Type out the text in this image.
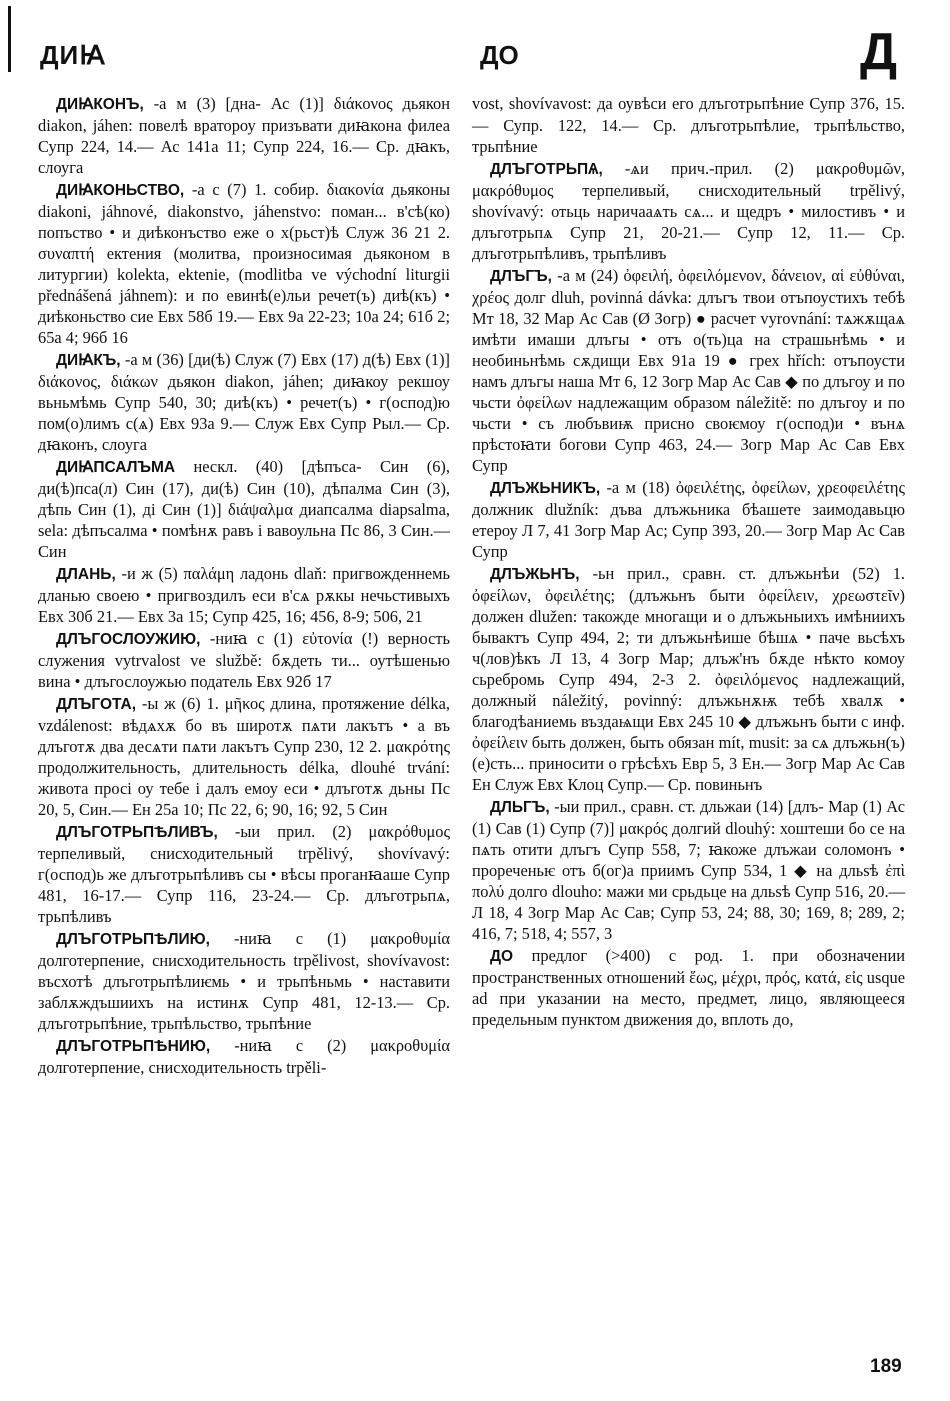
ДИꙖ	ДО	Д

ДИꙖКОНЪ, -а м (3) [дна- Ас (1)] διάκονος дьякон diakon, jáhen: повелѣ вратороу призъвати диꙗкона филеа Супр 224, 14.— Ас 141а 11; Супр 224, 16.— Ср. дꙗкъ, слоуга

ДИꙖКОНЬСТВО, -а с (7) 1. собир. διακονία дьяконы diakoni, jáhnové, diakonstvo, jáhenstvo: поман... в'сѣ(ко) попъство • и диѣконъство еже о х(рьст)ѣ Служ 36 21 2. συναπτή ектения (молитва, произносимая дьяконом в литургии) kolekta, ektenie, (modlitba ve východní liturgii přednášená jáhnem): и по евинѣ(е)льи речет(ъ) диѣ(къ) • диѣконьство сие Евх 58б 19.— Евх 9а 22-23; 10а 24; 61б 2; 65а 4; 96б 16

ДИꙖКЪ, -а м (36) [ди(ѣ) Служ (7) Евх (17) д(ѣ) Евх (1)] διάκονος, διάκων дьякон diakon, jáhen; диꙗкоу рекшоу вьньмѣмь Супр 540, 30; диѣ(къ) • речет(ъ) • г(оспод)ю пом(о)лимъ с(ѧ) Евх 93а 9.— Служ Евх Супр Рыл.— Ср. дꙗконъ, слоуга

ДИꙖПСАЛЪМА нескл. (40) [дѣпъса- Син (6), ди(ѣ)пса(л) Син (17), ди(ѣ) Син (10), дѣпалма Син (3), дѣпь Син (1), ді Син (1)] διάψαλμα диапсалма diapsalma, sela: дѣпъсалма • помѣнѫ равъ і вавоульна Пс 86, 3 Син.— Син

ДЛАНЬ, -и ж (5) παλάμη ладонь dlaň: пригвожденнемь дланью своею • пригвоздилъ еси в'сѧ рѫкы нечьстивыхъ Евх 30б 21.— Евх 3а 15; Супр 425, 16; 456, 8-9; 506, 21

ДЛЪГОСЛОУЖИЮ, -ниꙗ с (1) εὐτονία (!) верность служения vytrvalost ve službě: бѫдеть ти... оутѣшенью вина • длъгослоужью податель Евх 92б 17

ДЛЪГОТА, -ы ж (6) 1. μῆκος длина, протяжение délka, vzdálenost: вѣдѧхѫ бо въ широтѫ пѧти лакътъ • а въ длъготѫ два десѧти пѧти лакътъ Супр 230, 12 2. μακρότης продолжительность, длительность délka, dlouhé trvání: живота просі оу тебе і далъ емоу еси • длъготѫ дьны Пс 20, 5, Син.— Ен 25а 10; Пс 22, 6; 90, 16; 92, 5 Син

ДЛЪГОТРЬПѢЛИВЪ, -ыи прил. (2) μακρόθυμος терпеливый, снисходительный trpělivý, shovívavý: г(оспод)ь же длъготрьпѣливъ сы • вѣсы проганꙗаше Супр 481, 16-17.— Супр 116, 23-24.— Ср. длъготрьпѧ, трьпѣливъ

ДЛЪГОТРЬПѢЛИЮ, -ниꙗ с (1) μακροθυμία долготерпение, снисходительность trpělivost, shovívavost: въсхотѣ длъготрьпѣлиѥмь • и трьпѣньмь • наставити заблѫждъшиихъ на истинѫ Супр 481, 12-13.— Ср. длъготрьпѣние, трьпѣльство, трьпѣние

ДЛЪГОТРЬПѢНИЮ, -ниꙗ с (2) μακροθυμία долготерпение, снисходительность trpěli-

vost, shovívavost: да оувѣси его длъготрьпѣние Супр 376, 15.— Супр. 122, 14.— Ср. длъготрьпѣлие, трьпѣльство, трьпѣние

ДЛЪГОТРЬПѦ, -ѧи прич.-прил. (2) μακροθυμῶν, μακρόθυμος терпеливый, снисходительный trpělivý, shovívavý: отьць наричааѧть сѧ... и щедръ • милостивъ • и длъготрьпѧ Супр 21, 20-21.— Супр 12, 11.— Ср. длъготрьпѣливъ, трьпѣливъ

ДЛЪГЪ, -а м (24) ὀφειλή, ὀφειλόμενον, δάνειον, αἱ εὐθύναι, χρέος долг dluh, povinná dávka: длъгъ твои отъпоустихъ тебѣ Мт 18, 32 Мар Ас Сав (Ø Зогр) ● расчет vyrovnání: тѧжѫщаѧ имѣти имаши длъгы • отъ о(ть)ца на страшьнѣмь • и необиньнѣмь сѫдищи Евх 91а 19 ● грех hřích: отъпоусти намъ длъгы наша Мт 6, 12 Зогр Мар Ас Сав ◆ по длъгоу и по чьсти ὀφείλων надлежащим образом náležitě: по длъгоу и по чьсти • съ любъвиѭ присно своѥмоу г(оспод)и • вънѧ прѣстоꙗти богови Супр 463, 24.— Зогр Мар Ас Сав Евх Супр

ДЛЪЖЬНИКЪ, -а м (18) ὀφειλέτης, ὀφείλων, χρεοφειλέτης должник dlužník: дъва длъжьника бѣашете заимодавьцю етероу Л 7, 41 Зогр Мар Ас; Супр 393, 20.— Зогр Мар Ас Сав Супр

ДЛЪЖЬНЪ, -ьн прил., сравн. ст. длъжьнѣи (52) 1. ὀφείλων, ὀφειλέτης; (длъжьнъ быти ὀφείλειν, χρεωστεῖν) должен dlužen: такожде многащи и о длъжьныихъ имѣниихъ бывактъ Супр 494, 2; ти длъжьнѣише бѣшѧ • паче вьсѣхъ ч(лов)ѣкъ Л 13, 4 Зогр Мар; длъж'нъ бѫде нѣкто комоу сьребромь Супр 494, 2-3 2. ὀφειλόμενος надлежащий, должный náležitý, povinný: длъжьнѫѭ тебѣ хвалѫ • благодѣаниемь въздаѩщи Евх 245 10 ◆ длъжьнъ быти с инф. ὀφείλειν быть должен, быть обязан mít, musit: за сѧ длъжьн(ъ) (е)сть... приносити о грѣсѣхъ Евр 5, 3 Ен.— Зогр Мар Ас Сав Ен Служ Евх Клоц Супр.— Ср. повиньнъ

ДЛЬГЪ, -ыи прил., сравн. ст. дльжаи (14) [длъ- Мар (1) Ас (1) Сав (1) Супр (7)] μακρός долгий dlouhý: хоштеши бо се на пѧть отити длъгъ Супр 558, 7; ꙗкоже длъжаи соломонъ • прореченьѥ отъ б(ог)а приимъ Супр 534, 1 ◆ на дльѕѣ ἐπὶ πολύ долго dlouho: мажи ми срьдьце на дльѕѣ Супр 516, 20.— Л 18, 4 Зогр Мар Ас Сав; Супр 53, 24; 88, 30; 169, 8; 289, 2; 416, 7; 518, 4; 557, 3

ДО предлог (>400) с род. 1. при обозначении пространственных отношений ἕως, μέχρι, πρός, κατά, εἰς usque ad при указании на место, предмет, лицо, являющееся предельным пунктом движения до, вплоть до,

189
